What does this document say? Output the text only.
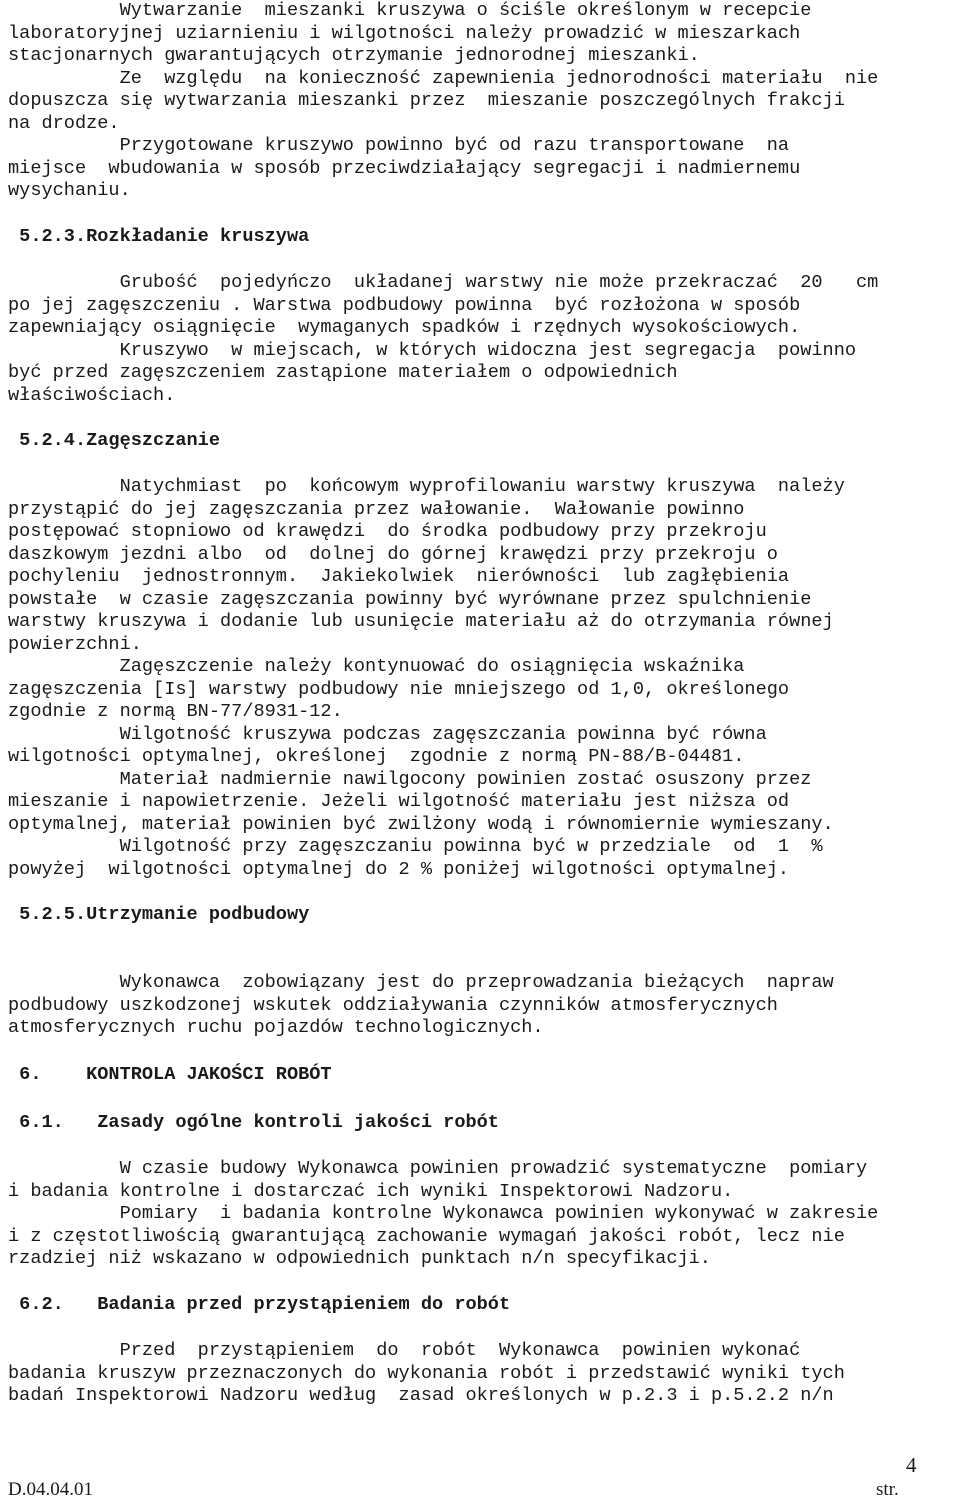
Wytwarzanie  mieszanki kruszywa o ściśle określonym w recepcie
laboratoryjnej uziarnieniu i wilgotności należy prowadzić w mieszarkach
stacjonarnych gwarantujących otrzymanie jednorodnej mieszanki.
Ze  względu  na konieczność zapewnienia jednorodności materiału  nie
dopuszcza się wytwarzania mieszanki przez  mieszanie poszczególnych frakcji
na drodze.
Przygotowane kruszywo powinno być od razu transportowane  na
miejsce  wbudowania w sposób przeciwdziałający segregacji i nadmiernemu
wysychaniu.

5.2.3.Rozkładanie kruszywa

Grubość  pojedyńczo  układanej warstwy nie może przekraczać  20   cm
po jej zagęszczeniu . Warstwa podbudowy powinna  być rozłożona w sposób
zapewniający osiągnięcie  wymaganych spadków i rzędnych wysokościowych.
Kruszywo  w miejscach, w których widoczna jest segregacja  powinno
być przed zagęszczeniem zastąpione materiałem o odpowiednich
właściwościach.

5.2.4.Zagęszczanie

Natychmiast  po  końcowym wyprofilowaniu warstwy kruszywa  należy
przystąpić do jej zagęszczania przez wałowanie.  Wałowanie powinno
postępować stopniowo od krawędzi  do środka podbudowy przy przekroju
daszkowym jezdni albo  od  dolnej do górnej krawędzi przy przekroju o
pochyleniu  jednostronnym.  Jakiekolwiek  nierówności  lub zagłębienia
powstałe  w czasie zagęszczania powinny być wyrównane przez spulchnienie
warstwy kruszywa i dodanie lub usunięcie materiału aż do otrzymania równej
powierzchni.
Zagęszczenie należy kontynuować do osiągnięcia wskaźnika
zagęszczenia [Is] warstwy podbudowy nie mniejszego od 1,0, określonego
zgodnie z normą BN-77/8931-12.
Wilgotność kruszywa podczas zagęszczania powinna być równa
wilgotności optymalnej, określonej  zgodnie z normą PN-88/B-04481.
Materiał nadmiernie nawilgocony powinien zostać osuszony przez
mieszanie i napowietrzenie. Jeżeli wilgotność materiału jest niższa od
optymalnej, materiał powinien być zwilżony wodą i równomiernie wymieszany.
Wilgotność przy zagęszczaniu powinna być w przedziale  od  1  %
powyżej  wilgotności optymalnej do 2 % poniżej wilgotności optymalnej.

5.2.5.Utrzymanie podbudowy

Wykonawca  zobowiązany jest do przeprowadzania bieżących  napraw
podbudowy uszkodzonej wskutek oddziaływania czynników atmosferycznych
atmosferycznych ruchu pojazdów technologicznych.

6.    KONTROLA JAKOŚCI ROBÓT

6.1.   Zasady ogólne kontroli jakości robót

W czasie budowy Wykonawca powinien prowadzić systematyczne  pomiary
i badania kontrolne i dostarczać ich wyniki Inspektorowi Nadzoru.
Pomiary  i badania kontrolne Wykonawca powinien wykonywać w zakresie
i z częstotliwością gwarantującą zachowanie wymagań jakości robót, lecz nie
rzadziej niż wskazano w odpowiednich punktach n/n specyfikacji.

6.2.   Badania przed przystąpieniem do robót

Przed  przystąpieniem  do  robót  Wykonawca  powinien wykonać
badania kruszyw przeznaczonych do wykonania robót i przedstawić wyniki tych
badań Inspektorowi Nadzoru według  zasad określonych w p.2.3 i p.5.2.2 n/n

D.04.04.01	str.
4
